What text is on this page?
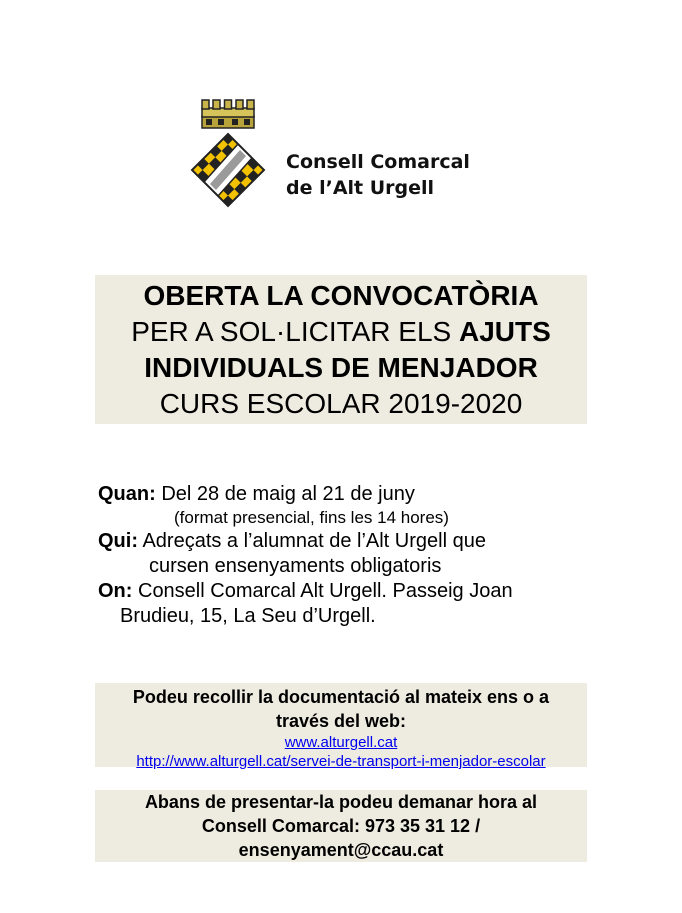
Consell Comarcal
de l’Alt Urgell
OBERTA LA CONVOCATÒRIA
PER A SOL·LICITAR ELS AJUTS
INDIVIDUALS DE MENJADOR
CURS ESCOLAR 2019-2020
Quan: Del 28 de maig al 21 de juny
(format presencial, fins les 14 hores)
Qui: Adreçats a l’alumnat de l’Alt Urgell que
cursen ensenyaments obligatoris
On: Consell Comarcal Alt Urgell. Passeig Joan
Brudieu, 15, La Seu d’Urgell.
Podeu recollir la documentació al mateix ens o a
través del web:
www.alturgell.cat
http://www.alturgell.cat/servei-de-transport-i-menjador-escolar
Abans de presentar-la podeu demanar hora al
Consell Comarcal: 973 35 31 12 /
ensenyament@ccau.cat
